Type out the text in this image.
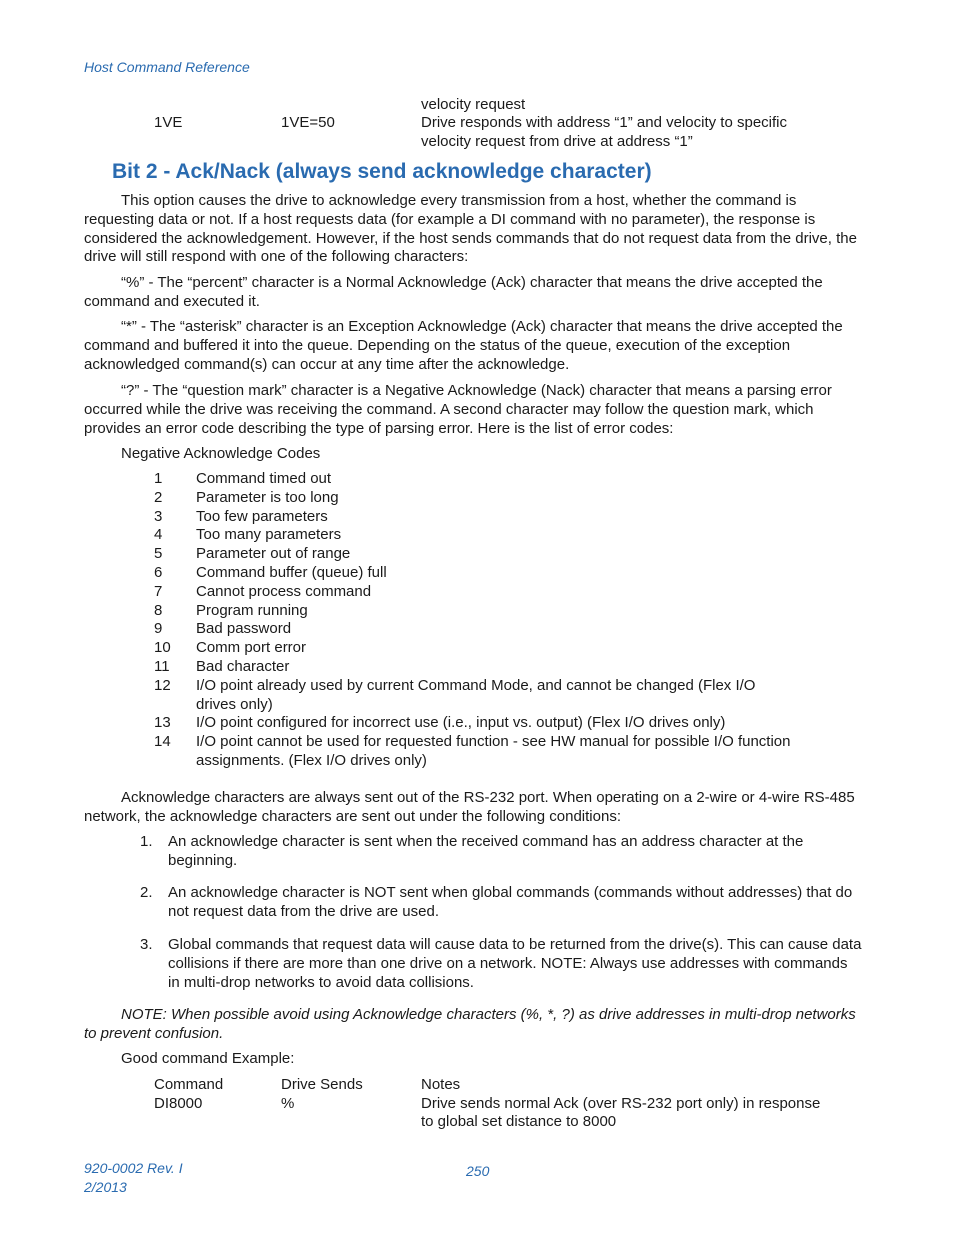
Host Command Reference
velocity request
1VE	1VE=50	Drive responds with address “1” and velocity to specific
velocity request from drive at address “1”
Bit 2 - Ack/Nack (always send acknowledge character)
This option causes the drive to acknowledge every transmission from a host, whether the command is requesting data or not. If a host requests data (for example a DI command with no parameter), the response is considered the acknowledgement. However, if the host sends commands that do not request data from the drive, the drive will still respond with one of the following characters:
“%” - The “percent” character is a Normal Acknowledge (Ack) character that means the drive accepted the command and executed it.
“*” - The “asterisk” character is an Exception Acknowledge (Ack) character that means the drive accepted the command and buffered it into the queue. Depending on the status of the queue, execution of the exception acknowledged command(s) can occur at any time after the acknowledge.
“?” - The “question mark” character is a Negative Acknowledge (Nack) character that means a parsing error occurred while the drive was receiving the command. A second character may follow the question mark, which provides an error code describing the type of parsing error. Here is the list of error codes:
Negative Acknowledge Codes
1 Command timed out
2 Parameter is too long
3 Too few parameters
4 Too many parameters
5 Parameter out of range
6 Command buffer (queue) full
7 Cannot process command
8 Program running
9 Bad password
10 Comm port error
11 Bad character
12 I/O point already used by current Command Mode, and cannot be changed (Flex I/O
drives only)
13 I/O point configured for incorrect use (i.e., input vs. output) (Flex I/O drives only)
14 I/O point cannot be used for requested function - see HW manual for possible I/O function
assignments. (Flex I/O drives only)
Acknowledge characters are always sent out of the RS-232 port. When operating on a 2-wire or 4-wire RS-485 network, the acknowledge characters are sent out under the following conditions:
1. An acknowledge character is sent when the received command has an address character at the beginning.
2. An acknowledge character is NOT sent when global commands (commands without addresses) that do not request data from the drive are used.
3. Global commands that request data will cause data to be returned from the drive(s). This can cause data collisions if there are more than one drive on a network. NOTE: Always use addresses with commands in multi-drop networks to avoid data collisions.
NOTE: When possible avoid using Acknowledge characters (%, *, ?) as drive addresses in multi-drop networks to prevent confusion.
Good command Example:
Command	Drive Sends	Notes
DI8000	%	Drive sends normal Ack (over RS-232 port only) in response
to global set distance to 8000
920-0002 Rev. I
2/2013
250
